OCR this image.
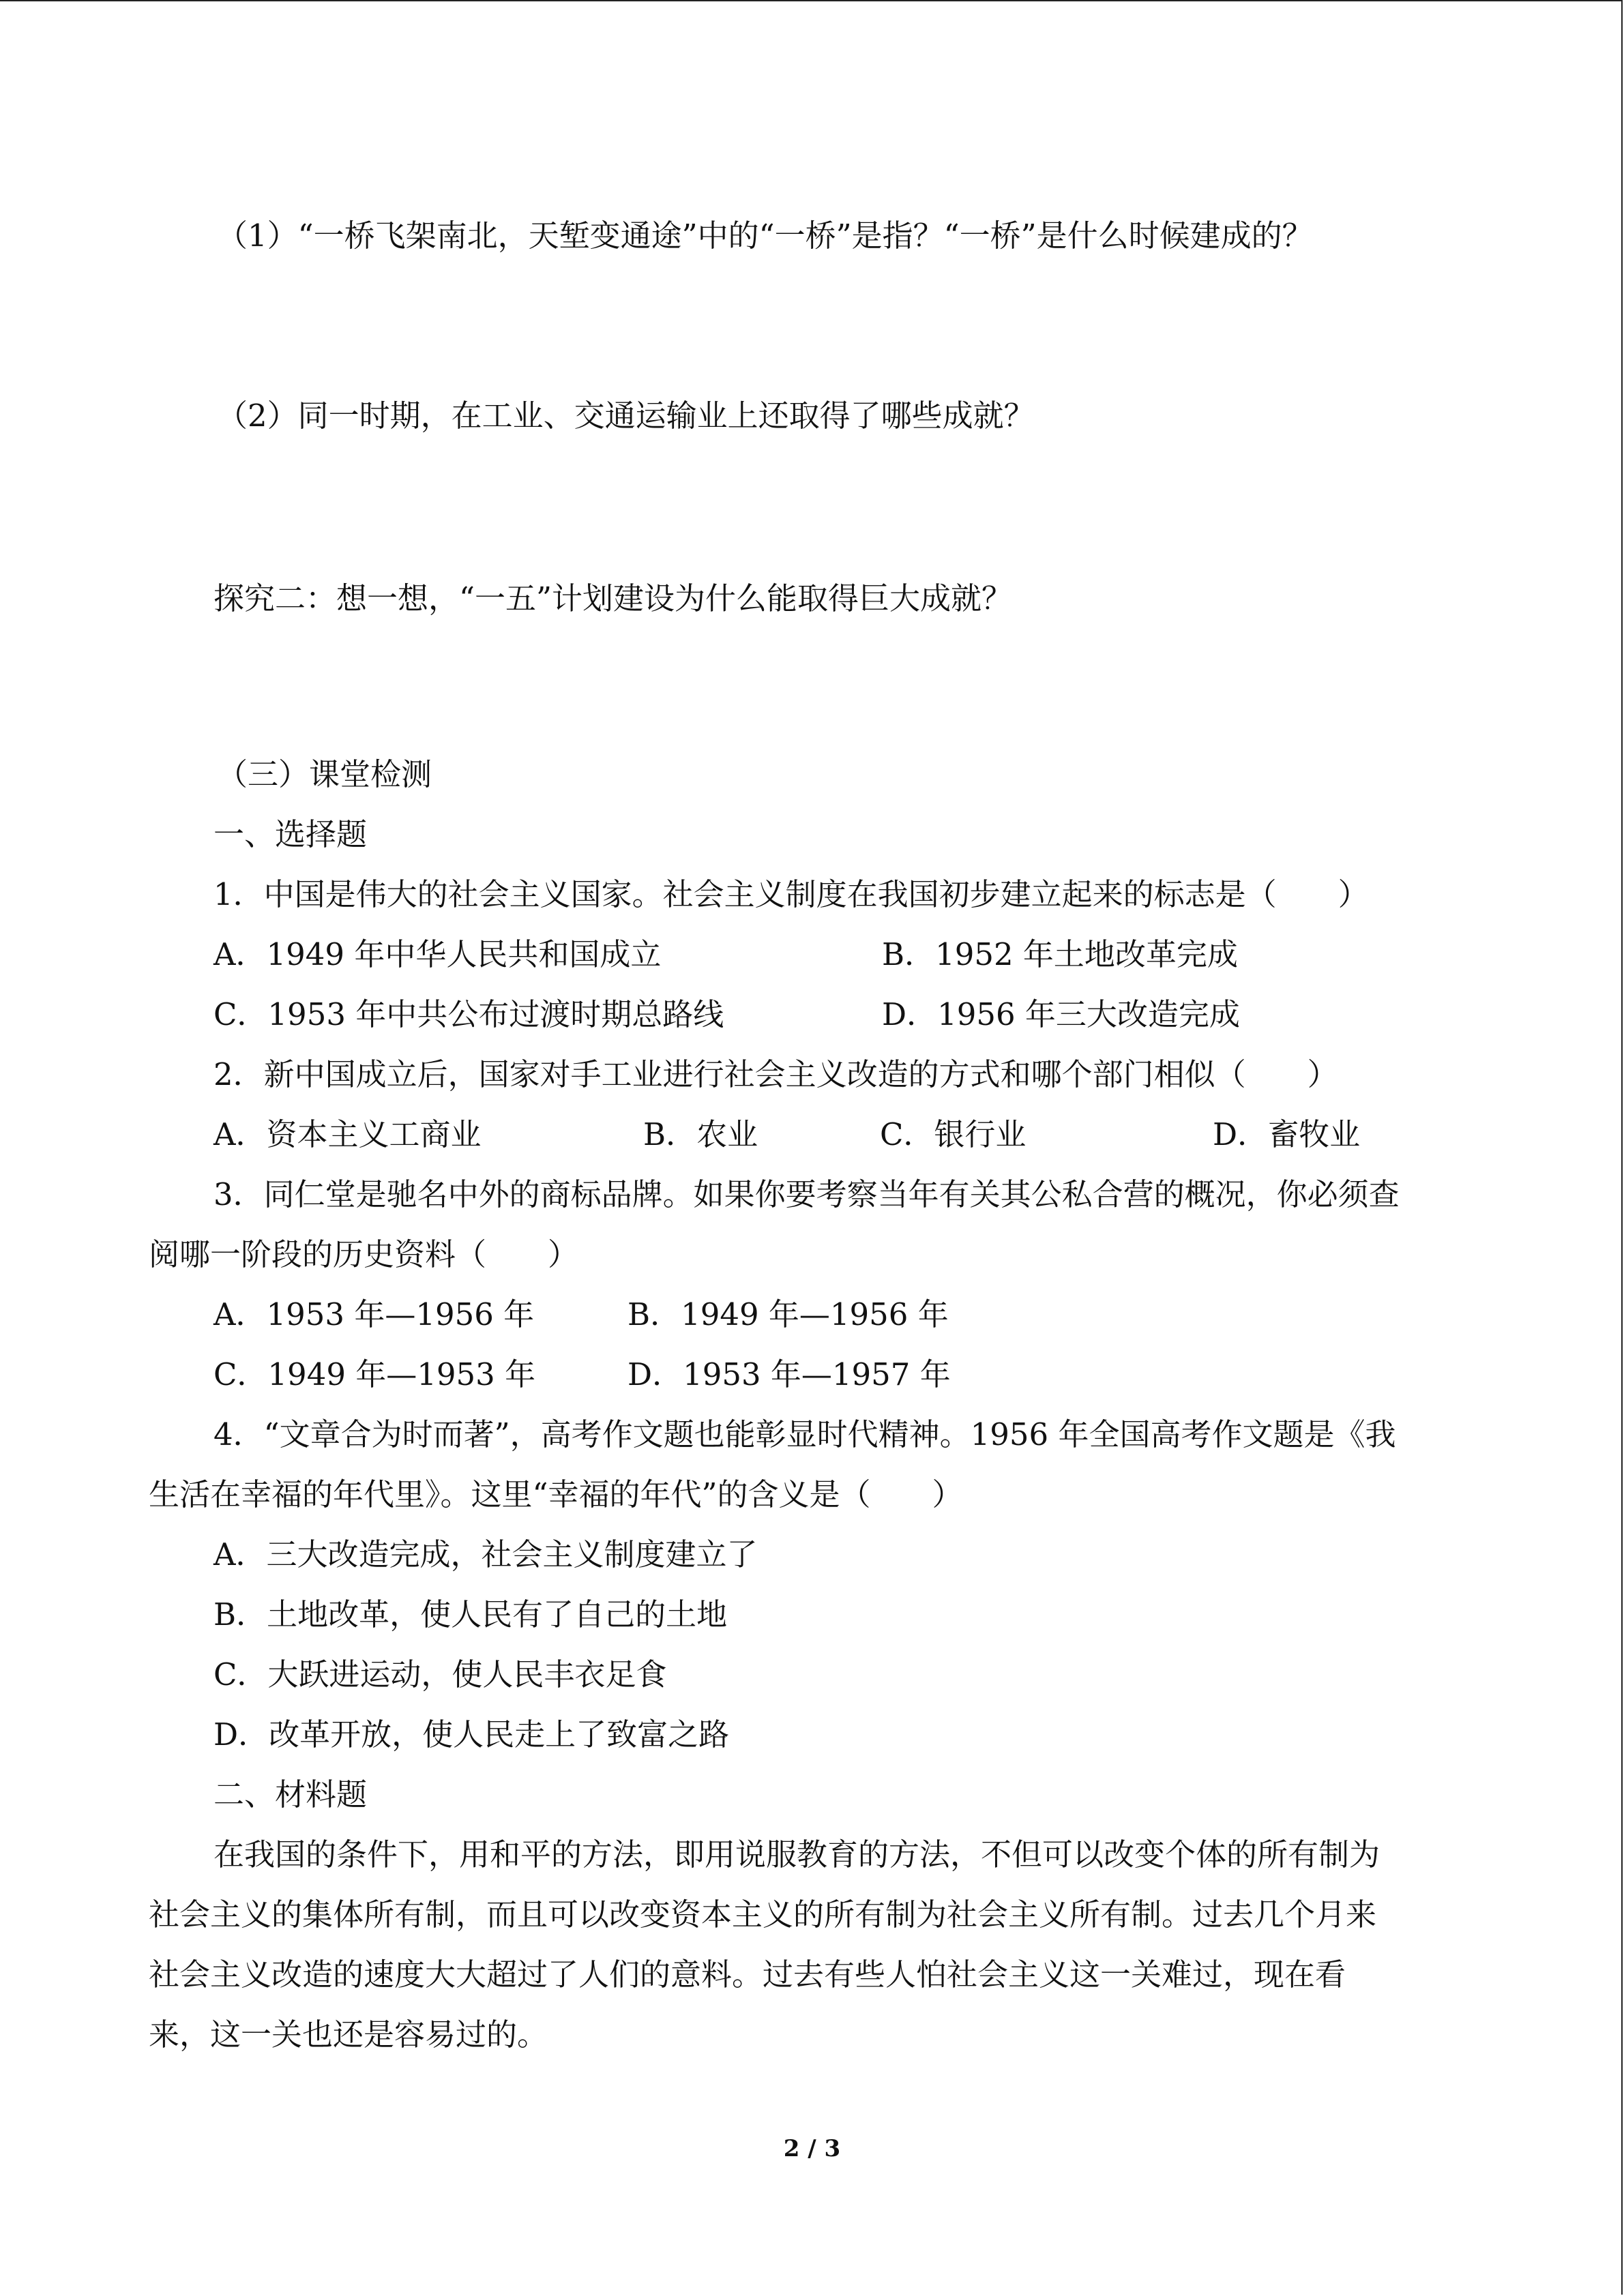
（1）“一桥飞架南北，天堑变通途”中的“一桥”是指？“一桥”是什么时候建成的？

（2）同一时期，在工业、交通运输业上还取得了哪些成就？

探究二：想一想，“一五”计划建设为什么能取得巨大成就？

（三）课堂检测

一、选择题

1．中国是伟大的社会主义国家。社会主义制度在我国初步建立起来的标志是（　　）

A．1949 年中华人民共和国成立	B．1952 年土地改革完成

C．1953 年中共公布过渡时期总路线	D．1956 年三大改造完成

2．新中国成立后，国家对手工业进行社会主义改造的方式和哪个部门相似（　　）

A．资本主义工商业	B．农业	C．银行业	D．畜牧业

3．同仁堂是驰名中外的商标品牌。如果你要考察当年有关其公私合营的概况，你必须查

阅哪一阶段的历史资料（　　）

A．1953 年—1956 年	B．1949 年—1956 年

C．1949 年—1953 年	D．1953 年—1957 年

4．“文章合为时而著”，高考作文题也能彰显时代精神。1956 年全国高考作文题是《我

生活在幸福的年代里》。这里“幸福的年代”的含义是（　　）

A．三大改造完成，社会主义制度建立了

B．土地改革，使人民有了自己的土地

C．大跃进运动，使人民丰衣足食

D．改革开放，使人民走上了致富之路

二、材料题

在我国的条件下，用和平的方法，即用说服教育的方法，不但可以改变个体的所有制为

社会主义的集体所有制，而且可以改变资本主义的所有制为社会主义所有制。过去几个月来

社会主义改造的速度大大超过了人们的意料。过去有些人怕社会主义这一关难过，现在看

来，这一关也还是容易过的。

2 / 3
